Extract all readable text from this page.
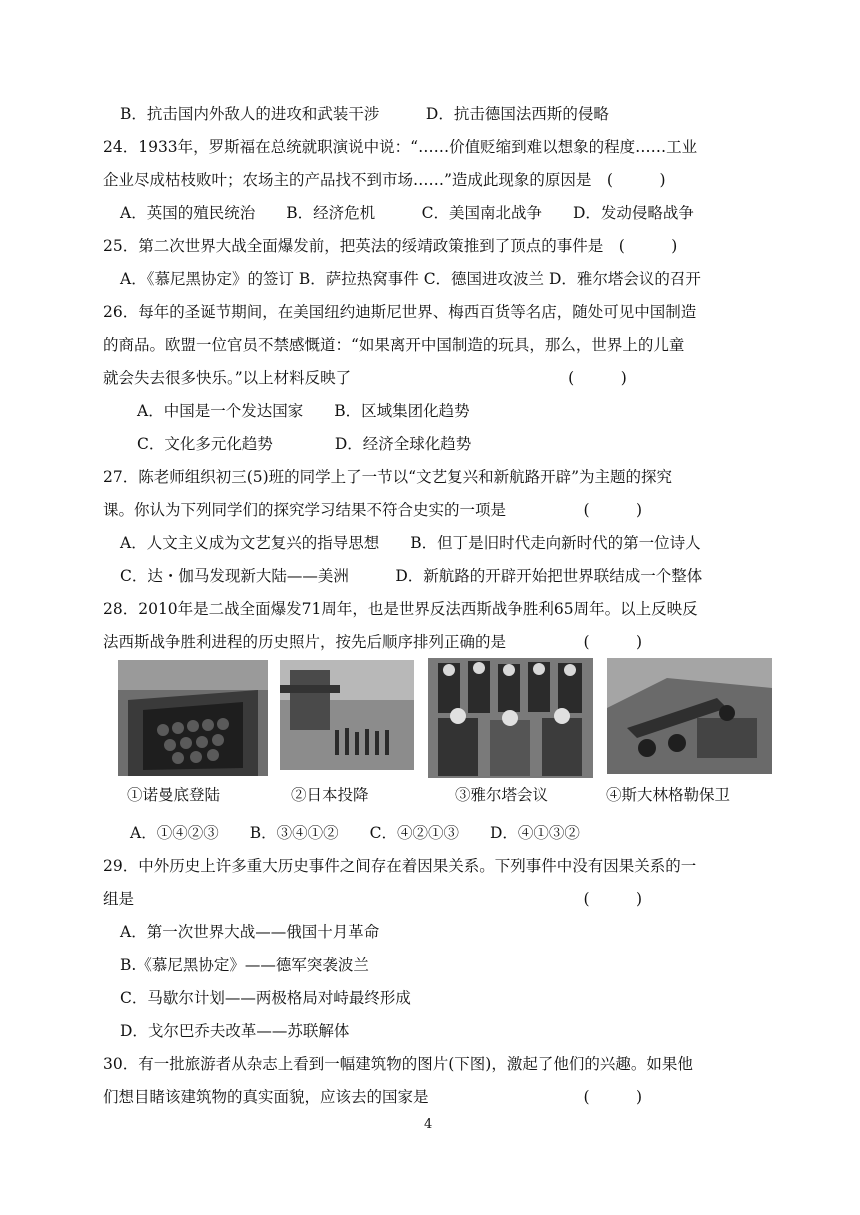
B．抗击国内外敌人的进攻和武装干涉　　　D．抗击德国法西斯的侵略
24．1933年，罗斯福在总统就职演说中说：“……价值贬缩到难以想象的程度……工业
企业尽成枯枝败叶；农场主的产品找不到市场……”造成此现象的原因是　(　　　)
A．英国的殖民统治　　B．经济危机　　　C．美国南北战争　　D．发动侵略战争
25．第二次世界大战全面爆发前，把英法的绥靖政策推到了顶点的事件是　(　　　)
A．《慕尼黑协定》的签订 B．萨拉热窝事件 C．德国进攻波兰 D．雅尔塔会议的召开
26．每年的圣诞节期间，在美国纽约迪斯尼世界、梅西百货等名店，随处可见中国制造
的商品。欧盟一位官员不禁感慨道：“如果离开中国制造的玩具，那么，世界上的儿童
就会失去很多快乐。”以上材料反映了　　　　　　　　　　　　　　(　　　)
A．中国是一个发达国家　　B．区域集团化趋势
C．文化多元化趋势　　　　D．经济全球化趋势
27．陈老师组织初三(5)班的同学上了一节以“文艺复兴和新航路开辟”为主题的探究
课。你认为下列同学们的探究学习结果不符合史实的一项是　　　　　(　　　)
A．人文主义成为文艺复兴的指导思想　　B．但丁是旧时代走向新时代的第一位诗人
C．达・伽马发现新大陆——美洲　　　D．新航路的开辟开始把世界联结成一个整体
28．2010年是二战全面爆发71周年，也是世界反法西斯战争胜利65周年。以上反映反
法西斯战争胜利进程的历史照片，按先后顺序排列正确的是　　　　　(　　　)
①诺曼底登陆	②日本投降	③雅尔塔会议	④斯大林格勒保卫
A．①④②③　　B．③④①②　　C．④②①③　　D．④①③②
29．中外历史上许多重大历史事件之间存在着因果关系。下列事件中没有因果关系的一
组是　　　　　　　　　　　　　　　　　　　　　　　　　　　　　(　　　)
A．第一次世界大战——俄国十月革命
B.《慕尼黑协定》——德军突袭波兰
C．马歇尔计划——两极格局对峙最终形成
D．戈尔巴乔夫改革——苏联解体
30．有一批旅游者从杂志上看到一幅建筑物的图片(下图)，激起了他们的兴趣。如果他
们想目睹该建筑物的真实面貌，应该去的国家是　　　　　　　　　　(　　　)
4
